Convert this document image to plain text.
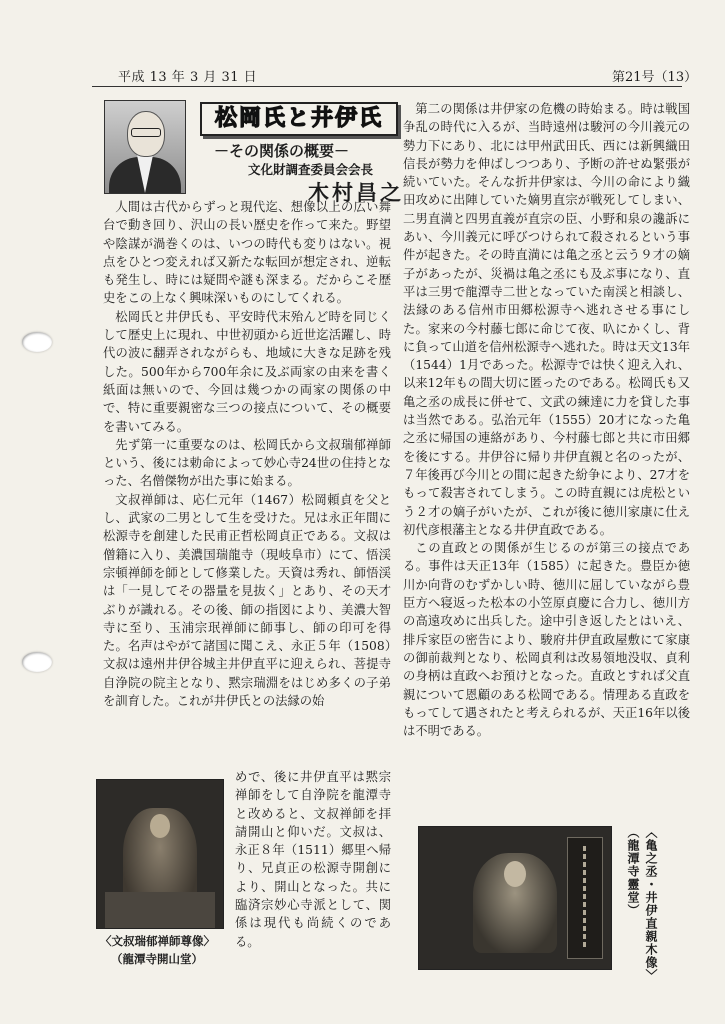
平成 13 年 3 月 31 日	第21号（13）
松岡氏と井伊氏
－その関係の概要－
文化財調査委員会会長
木村昌之

人間は古代からずっと現代迄、想像以上の広い舞台で動き回り、沢山の長い歴史を作って来た。野望や陰謀が渦巻くのは、いつの時代も変りはない。視点をひとつ変えれば又新たな転回が想定され、逆転も発生し、時には疑問や謎も深まる。だからこそ歴史をこの上なく興味深いものにしてくれる。

松岡氏と井伊氏も、平安時代末殆んど時を同じくして歴史上に現れ、中世初頭から近世迄活躍し、時代の波に翻弄されながらも、地域に大きな足跡を残した。500年から700年余に及ぶ両家の由来を書く紙面は無いので、今回は幾つかの両家の関係の中で、特に重要親密な三つの接点について、その概要を書いてみる。

先ず第一に重要なのは、松岡氏から文叔瑞郁禅師という、後には勅命によって妙心寺24世の住持となった、名僧傑物が出た事に始まる。

文叔禅師は、応仁元年（1467）松岡頼貞を父とし、武家の二男として生を受けた。兄は永正年間に松源寺を創建した民甫正哲松岡貞正である。文叔は僧籍に入り、美濃国瑞龍寺（現岐阜市）にて、悟渓宗頓禅師を師として修業した。天資は秀れ、師悟渓は「一見してその器量を見抜く」とあり、その天才ぶりが識れる。その後、師の指図により、美濃大智寺に至り、玉浦宗珉禅師に師事し、師の印可を得た。名声はやがて諸国に聞こえ、永正５年（1508）文叔は遠州井伊谷城主井伊直平に迎えられ、菩提寺自浄院の院主となり、黙宗瑞淵をはじめ多くの子弟を訓育した。これが井伊氏との法縁の始

めで、後に井伊直平は黙宗禅師をして自浄院を龍潭寺と改めると、文叔禅師を拝請開山と仰いだ。文叔は、永正８年（1511）郷里へ帰り、兄貞正の松源寺開創により、開山となった。共に臨済宗妙心寺派として、関係は現代も尚続くのである。

第二の関係は井伊家の危機の時始まる。時は戦国争乱の時代に入るが、当時遠州は駿河の今川義元の勢力下にあり、北には甲州武田氏、西には新興織田信長が勢力を伸ばしつつあり、予断の許せぬ緊張が続いていた。そんな折井伊家は、今川の命により織田攻めに出陣していた嫡男直宗が戦死してしまい、二男直満と四男直義が直宗の臣、小野和泉の讒訴にあい、今川義元に呼びつけられて殺されるという事件が起きた。その時直満には亀之丞と云う９才の嫡子があったが、災禍は亀之丞にも及ぶ事になり、直平は三男で龍潭寺二世となっていた南渓と相談し、法縁のある信州市田郷松源寺へ逃れさせる事にした。家来の今村藤七郎に命じて夜、叺にかくし、背に負って山道を信州松源寺へ逃れた。時は天文13年（1544）1月であった。松源寺では快く迎え入れ、以来12年もの間大切に匿ったのである。松岡氏も又亀之丞の成長に併せて、文武の練達に力を貸した事は当然である。弘治元年（1555）20才になった亀之丞に帰国の連絡があり、今村藤七郎と共に市田郷を後にする。井伊谷に帰り井伊直親と名のったが、７年後再び今川との間に起きた紛争により、27才をもって殺害されてしまう。この時直親には虎松という２才の嫡子がいたが、これが後に徳川家康に仕え初代彦根藩主となる井伊直政である。

この直政との関係が生じるのが第三の接点である。事件は天正13年（1585）に起きた。豊臣か徳川か向背のむずかしい時、徳川に屈していながら豊臣方へ寝返った松本の小笠原貞慶に合力し、徳川方の高遠攻めに出兵した。途中引き返したとはいえ、排斥家臣の密告により、駿府井伊直政屋敷にて家康の御前裁判となり、松岡貞利は改易領地没収、貞利の身柄は直政へお預けとなった。直政とすれば父直親について恩顧のある松岡である。情理ある直政をもってして遇されたと考えられるが、天正16年以後は不明である。

〈文叔瑞郁禅師尊像〉
（龍潭寺開山堂）	〈亀之丞・井伊直親木像〉
（龍潭寺靈堂）
